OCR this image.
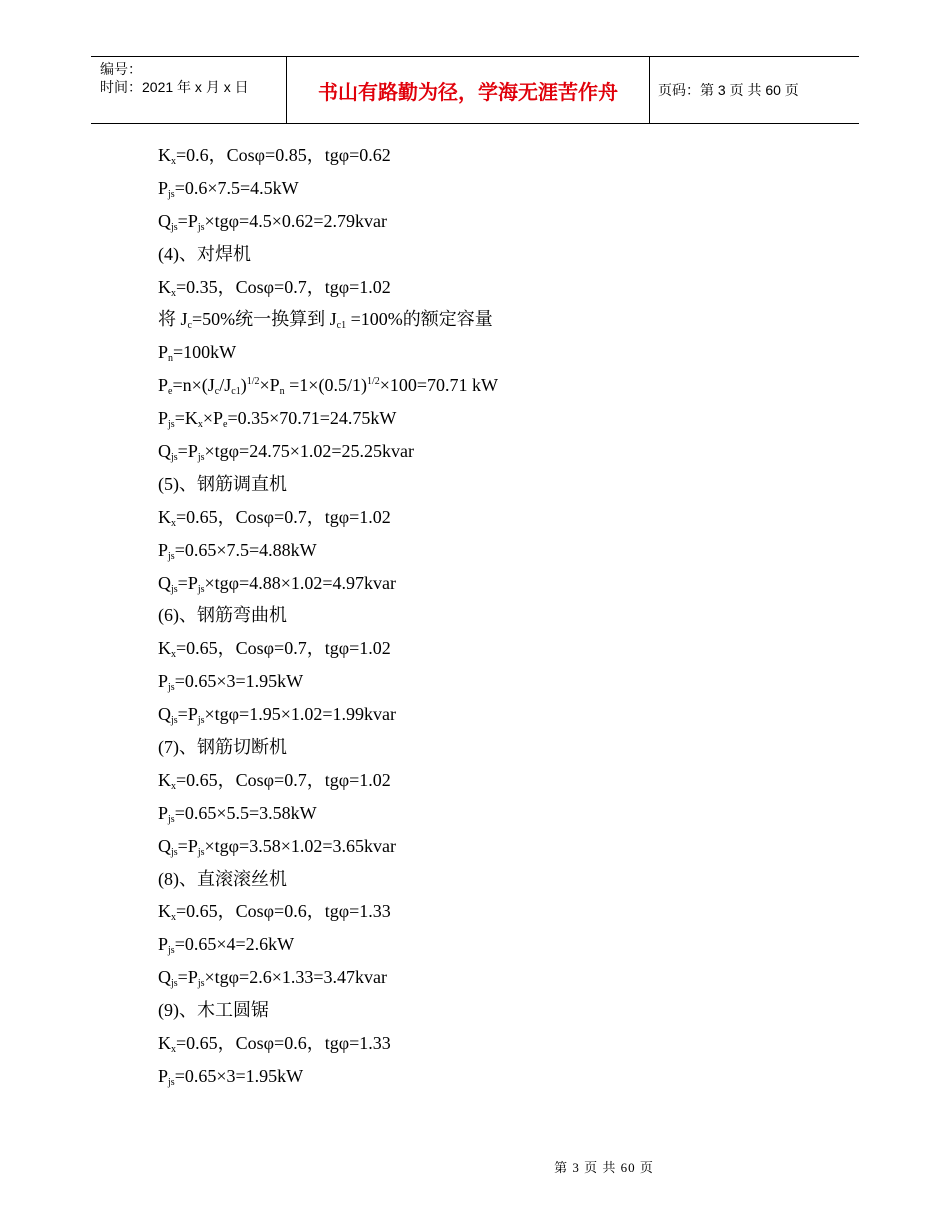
编号：
时间：2021 年 x 月 x 日	书山有路勤为径，学海无涯苦作舟	页码：第 3 页 共 60 页
$K_x=0.6$，Cosφ=0.85，tgφ=0.62
$P_{js}=0.6\times 7.5=4.5kW$
$Q_{js}=P_{js}\times tg\varphi=4.5\times 0.62=2.79kvar$
(4)、对焊机
$K_x=0.35$，Cosφ=0.7，tgφ=1.02
将 $J_c=50\%$统一换算到 $J_{c1} =100\%$的额定容量
$P_n=100kW$
$P_e=n\times(J_c/J_{c1})^{1/2}\times P_n =1\times(0.5/1)^{1/2}\times 100=70.71$ kW
$P_{js}=K_x\times P_e=0.35\times 70.71=24.75kW$
$Q_{js}=P_{js}\times tg\varphi=24.75\times 1.02=25.25kvar$
(5)、钢筋调直机
$K_x=0.65$，Cosφ=0.7，tgφ=1.02
$P_{js}=0.65\times 7.5=4.88kW$
$Q_{js}=P_{js}\times tg\varphi=4.88\times 1.02=4.97kvar$
(6)、钢筋弯曲机
$K_x=0.65$，Cosφ=0.7，tgφ=1.02
$P_{js}=0.65\times 3=1.95kW$
$Q_{js}=P_{js}\times tg\varphi=1.95\times 1.02=1.99kvar$
(7)、钢筋切断机
$K_x=0.65$，Cosφ=0.7，tgφ=1.02
$P_{js}=0.65\times 5.5=3.58kW$
$Q_{js}=P_{js}\times tg\varphi=3.58\times 1.02=3.65kvar$
(8)、直滚滚丝机
$K_x=0.65$，Cosφ=0.6，tgφ=1.33
$P_{js}=0.65\times 4=2.6kW$
$Q_{js}=P_{js}\times tg\varphi=2.6\times 1.33=3.47kvar$
(9)、木工圆锯
$K_x=0.65$，Cosφ=0.6，tgφ=1.33
$P_{js}=0.65\times 3=1.95kW$
第 3 页 共 60 页
